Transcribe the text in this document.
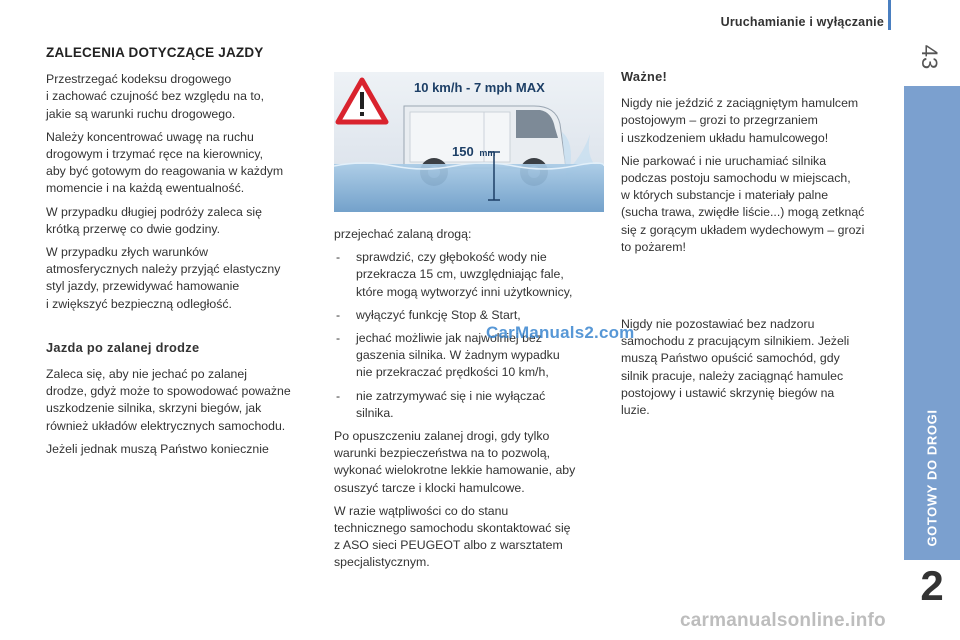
Uruchamianie i wyłączanie
43
GOTOWY DO DROGI
2
ZALECENIA DOTYCZĄCE JAZDY

Przestrzegać kodeksu drogowego
i zachować czujność bez względu na to,
jakie są warunki ruchu drogowego.

Należy koncentrować uwagę na ruchu
drogowym i trzymać ręce na kierownicy,
aby być gotowym do reagowania w każdym
momencie i na każdą ewentualność.

W przypadku długiej podróży zaleca się
krótką przerwę co dwie godziny.

W przypadku złych warunków
atmosferycznych należy przyjąć elastyczny
styl jazdy, przewidywać hamowanie
i zwiększyć bezpieczną odległość.

Jazda po zalanej drodze

Zaleca się, aby nie jechać po zalanej
drodze, gdyż może to spowodować poważne
uszkodzenie silnika, skrzyni biegów, jak
również układów elektrycznych samochodu.

Jeżeli jednak muszą Państwo koniecznie

10 km/h - 7 mph MAX
150 mm

przejechać zalaną drogą:

- sprawdzić, czy głębokość wody nie
przekracza 15 cm, uwzględniając fale,
które mogą wytworzyć inni użytkownicy,
- wyłączyć funkcję Stop & Start,
- jechać możliwie jak najwolniej bez
gaszenia silnika. W żadnym wypadku
nie przekraczać prędkości 10 km/h,
- nie zatrzymywać się i nie wyłączać
silnika.

Po opuszczeniu zalanej drogi, gdy tylko
warunki bezpieczeństwa na to pozwolą,
wykonać wielokrotne lekkie hamowanie, aby
osuszyć tarcze i klocki hamulcowe.

W razie wątpliwości co do stanu
technicznego samochodu skontaktować się
z ASO sieci PEUGEOT albo z warsztatem
specjalistycznym.

Ważne!

Nigdy nie jeździć z zaciągniętym hamulcem
postojowym – grozi to przegrzaniem
i uszkodzeniem układu hamulcowego!

Nie parkować i nie uruchamiać silnika
podczas postoju samochodu w miejscach,
w których substancje i materiały palne
(sucha trawa, zwiędłe liście...) mogą zetknąć
się z gorącym układem wydechowym – grozi
to pożarem!

Nigdy nie pozostawiać bez nadzoru
samochodu z pracującym silnikiem. Jeżeli
muszą Państwo opuścić samochód, gdy
silnik pracuje, należy zaciągnąć hamulec
postojowy i ustawić skrzynię biegów na
luzie.

CarManuals2.com
carmanualsonline.info
